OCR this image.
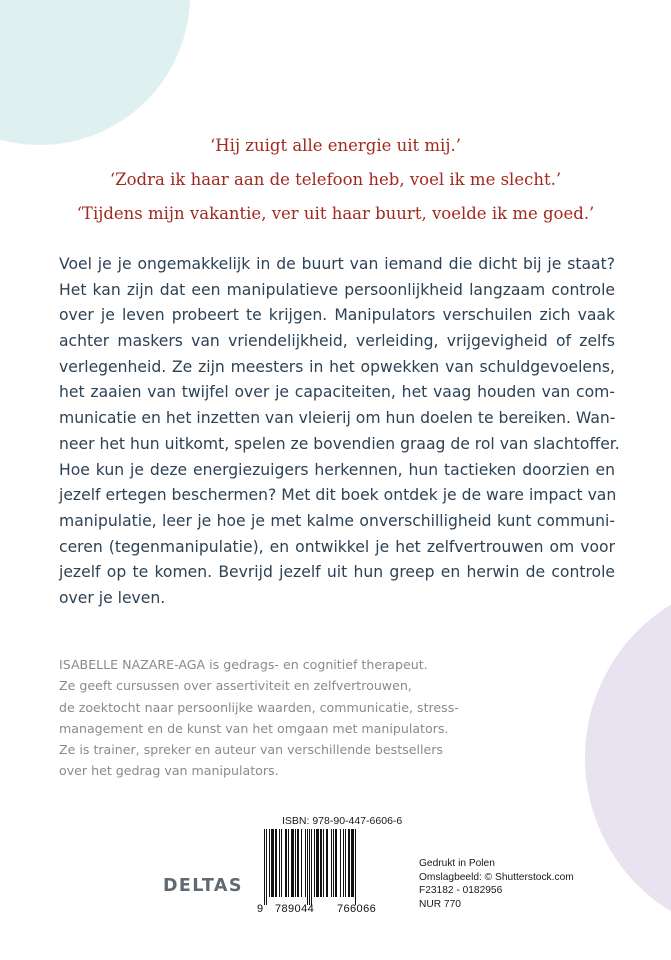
‘Hij zuigt alle energie uit mij.’
‘Zodra ik haar aan de telefoon heb, voel ik me slecht.’
‘Tijdens mijn vakantie, ver uit haar buurt, voelde ik me goed.’
Voel je je ongemakkelijk in de buurt van iemand die dicht bij je staat?
Het kan zijn dat een manipulatieve persoonlijkheid langzaam controle
over je leven probeert te krijgen. Manipulators verschuilen zich vaak
achter maskers van vriendelijkheid, verleiding, vrijgevigheid of zelfs
verlegenheid. Ze zijn meesters in het opwekken van schuldgevoelens,
het zaaien van twijfel over je capaciteiten, het vaag houden van com-
municatie en het inzetten van vleierij om hun doelen te bereiken. Wan-
neer het hun uitkomt, spelen ze bovendien graag de rol van slachtoffer.
Hoe kun je deze energiezuigers herkennen, hun tactieken doorzien en
jezelf ertegen beschermen? Met dit boek ontdek je de ware impact van
manipulatie, leer je hoe je met kalme onverschilligheid kunt communi-
ceren (tegenmanipulatie), en ontwikkel je het zelfvertrouwen om voor
jezelf op te komen. Bevrijd jezelf uit hun greep en herwin de controle
over je leven.
ISABELLE NAZARE-AGA is gedrags- en cognitief therapeut.
Ze geeft cursussen over assertiviteit en zelfvertrouwen,
de zoektocht naar persoonlijke waarden, communicatie, stress-
management en de kunst van het omgaan met manipulators.
Ze is trainer, spreker en auteur van verschillende bestsellers
over het gedrag van manipulators.
ISBN: 978-90-447-6606-6
9 789044 766066
DELTAS
Gedrukt in Polen
Omslagbeeld: © Shutterstock.com
F23182 - 0182956
NUR 770
